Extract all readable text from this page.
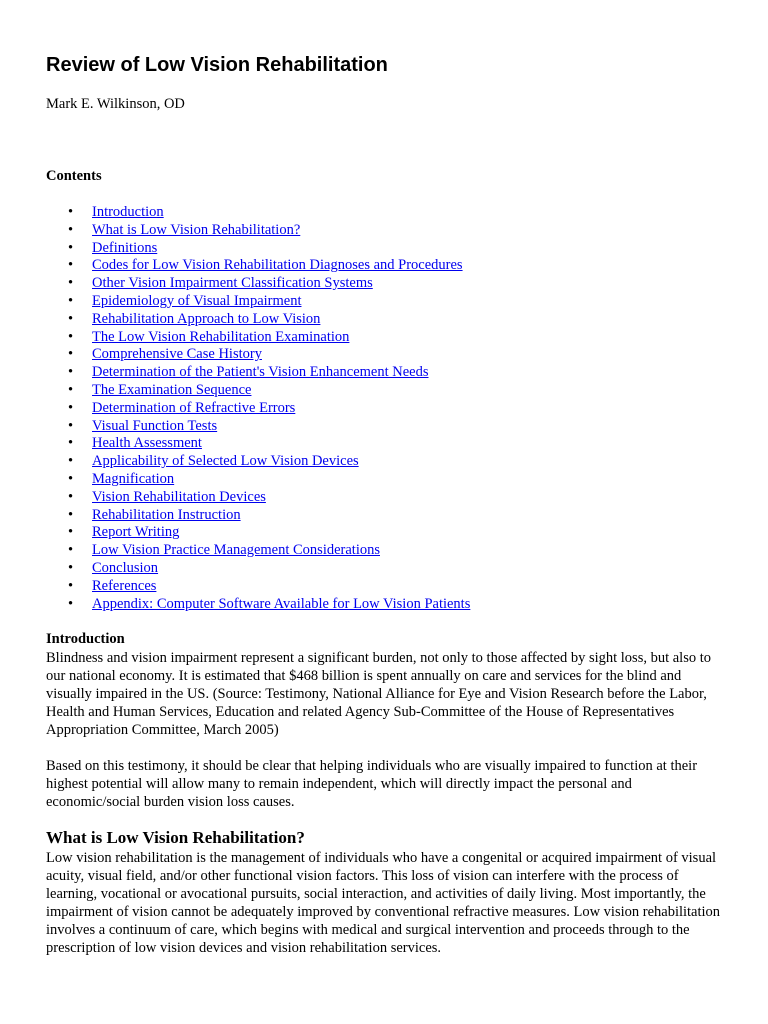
Review of Low Vision Rehabilitation
Mark E. Wilkinson, OD
Contents
• Introduction
• What is Low Vision Rehabilitation?
• Definitions
• Codes for Low Vision Rehabilitation Diagnoses and Procedures
• Other Vision Impairment Classification Systems
• Epidemiology of Visual Impairment
• Rehabilitation Approach to Low Vision
• The Low Vision Rehabilitation Examination
• Comprehensive Case History
• Determination of the Patient's Vision Enhancement Needs
• The Examination Sequence
• Determination of Refractive Errors
• Visual Function Tests
• Health Assessment
• Applicability of Selected Low Vision Devices
• Magnification
• Vision Rehabilitation Devices
• Rehabilitation Instruction
• Report Writing
• Low Vision Practice Management Considerations
• Conclusion
• References
• Appendix: Computer Software Available for Low Vision Patients
Introduction

Blindness and vision impairment represent a significant burden, not only to those affected by sight loss, but also to our national economy. It is estimated that $468 billion is spent annually on care and services for the blind and visually impaired in the US. (Source: Testimony, National Alliance for Eye and Vision Research before the Labor, Health and Human Services, Education and related Agency Sub-Committee of the House of Representatives Appropriation Committee, March 2005)

Based on this testimony, it should be clear that helping individuals who are visually impaired to function at their highest potential will allow many to remain independent, which will directly impact the personal and economic/social burden vision loss causes.

What is Low Vision Rehabilitation?

Low vision rehabilitation is the management of individuals who have a congenital or acquired impairment of visual acuity, visual field, and/or other functional vision factors. This loss of vision can interfere with the process of learning, vocational or avocational pursuits, social interaction, and activities of daily living. Most importantly, the impairment of vision cannot be adequately improved by conventional refractive measures. Low vision rehabilitation involves a continuum of care, which begins with medical and surgical intervention and proceeds through to the prescription of low vision devices and vision rehabilitation services.
